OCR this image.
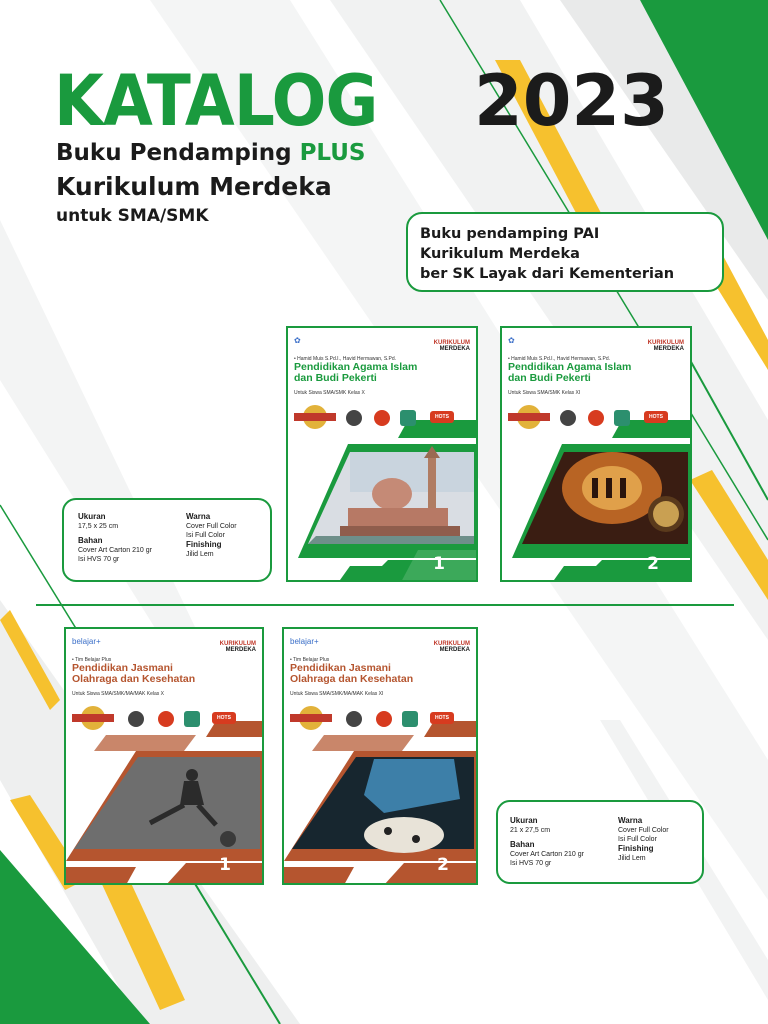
KATALOG 2023
Buku Pendamping PLUS
Kurikulum Merdeka
untuk SMA/SMK
Buku pendamping PAI
Kurikulum Merdeka
ber SK Layak dari Kementerian
✿	KURIKULUM
MERDEKA
• Hamid Muis S.Pd.I., Havid Hermawan, S.Pd.
Pendidikan Agama Islam
dan Budi Pekerti
Untuk Siswa SMA/SMK Kelas X
HOTS
1
✿	KURIKULUM
MERDEKA
• Hamid Muis S.Pd.I., Havid Hermawan, S.Pd.
Pendidikan Agama Islam
dan Budi Pekerti
Untuk Siswa SMA/SMK Kelas XI
HOTS
2
Ukuran
17,5 x 25 cm
Bahan
Cover Art Carton 210 gr
Isi HVS 70 gr
Warna
Cover Full Color
Isi Full Color
Finishing
Jilid Lem
belajar+	KURIKULUM
MERDEKA
• Tim Belajar Plus
Pendidikan Jasmani
Olahraga dan Kesehatan
Untuk Siswa SMA/SMK/MA/MAK Kelas X
HOTS
1
belajar+	KURIKULUM
MERDEKA
• Tim Belajar Plus
Pendidikan Jasmani
Olahraga dan Kesehatan
Untuk Siswa SMA/SMK/MA/MAK Kelas XI
HOTS
2
Ukuran
21 x 27,5 cm
Bahan
Cover Art Carton 210 gr
Isi HVS 70 gr
Warna
Cover Full Color
Isi Full Color
Finishing
Jilid Lem
